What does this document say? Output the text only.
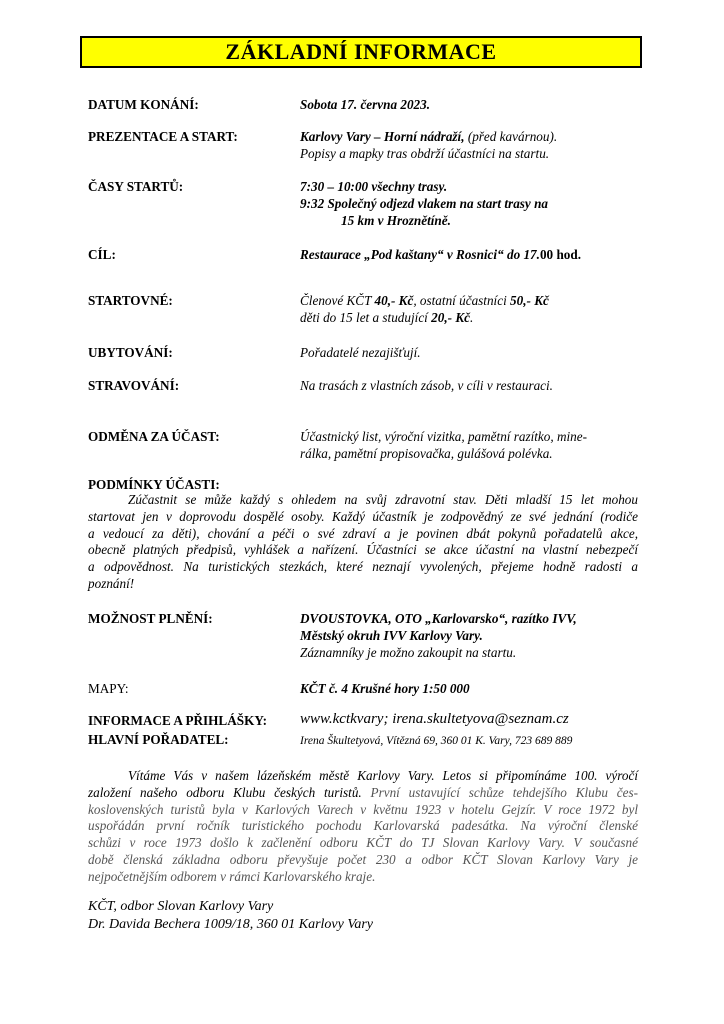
ZÁKLADNÍ INFORMACE
DATUM KONÁNÍ:	Sobota 17. června 2023.
PREZENTACE A START:	Karlovy Vary – Horní nádraží, (před kavárnou).
Popisy a mapky tras obdrží účastníci na startu.
ČASY STARTŮ:	7:30 – 10:00 všechny trasy.
9:32 Společný odjezd vlakem na start trasy na
15 km v Hroznětíně.
CÍL:	Restaurace „Pod kaštany“ v Rosnici“ do 17.00 hod.
STARTOVNÉ:	Členové KČT 40,- Kč, ostatní účastníci 50,- Kč
děti do 15 let a studující 20,- Kč.
UBYTOVÁNÍ:	Pořadatelé nezajišťují.
STRAVOVÁNÍ:	Na trasách z vlastních zásob, v cíli v restauraci.
ODMĚNA ZA ÚČAST:	Účastnický list, výroční vizitka, pamětní razítko, mine-
rálka, pamětní propisovačka, gulášová polévka.
PODMÍNKY ÚČASTI:
Zúčastnit se může každý s ohledem na svůj zdravotní stav. Děti mladší 15 let mohou
startovat jen v doprovodu dospělé osoby. Každý účastník je zodpovědný ze své jednání (rodiče
a vedoucí za děti), chování a péči o své zdraví a je povinen dbát pokynů pořadatelů akce,
obecně platných předpisů, vyhlášek a nařízení. Účastníci se akce účastní na vlastní nebezpečí
a odpovědnost. Na turistických stezkách, které neznají vyvolených, přejeme hodně radosti a
poznání!
MOŽNOST PLNĚNÍ:	DVOUSTOVKA, OTO „Karlovarsko“, razítko IVV,
Městský okruh IVV Karlovy Vary.
Záznamníky je možno zakoupit na startu.
MAPY:	KČT č. 4 Krušné hory 1:50 000
INFORMACE A PŘIHLÁŠKY: www.kctkvary; irena.skultetyova@seznam.cz
HLAVNÍ POŘADATEL:	Irena Škultetyová, Vítězná 69, 360 01 K. Vary, 723 689 889
Vítáme Vás v našem lázeňském městě Karlovy Vary. Letos si připomínáme 100. výročí
založení našeho odboru Klubu českých turistů. První ustavující schůze tehdejšího Klubu čes-
koslovenských turistů byla v Karlových Varech v květnu 1923 v hotelu Gejzír. V roce 1972 byl
uspořádán první ročník turistického pochodu Karlovarská padesátka. Na výroční členské
schůzi v roce 1973 došlo k začlenění odboru KČT do TJ Slovan Karlovy Vary. V současné
době členská základna odboru převyšuje počet 230 a odbor KČT Slovan Karlovy Vary je
nejpočetnějším odborem v rámci Karlovarského kraje.
KČT, odbor Slovan Karlovy Vary
Dr. Davida Bechera 1009/18, 360 01 Karlovy Vary
